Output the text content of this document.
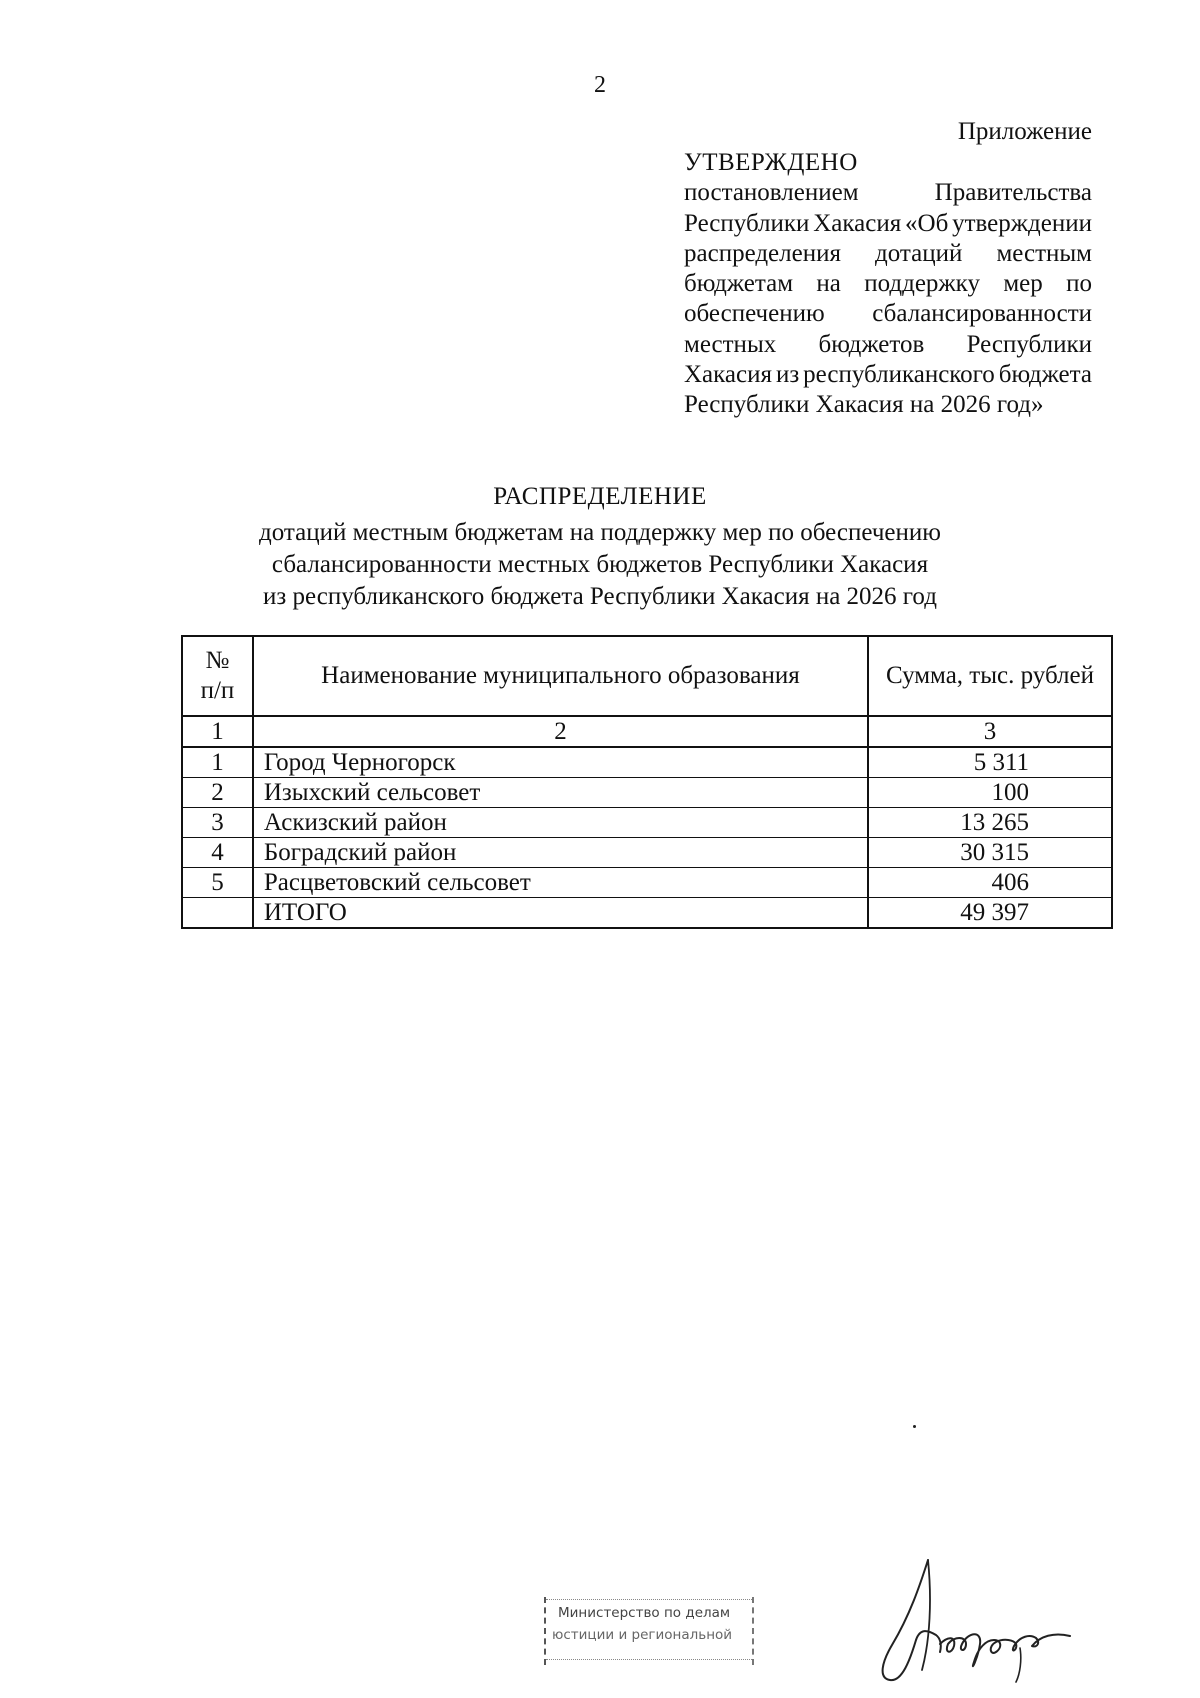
2
Приложение
УТВЕРЖДЕНО
постановлением	Правительства
Республики Хакасия «Об утверждении
распределения дотаций местным
бюджетам на поддержку мер по
обеспечению сбалансированности
местных бюджетов Республики
Хакасия из республиканского бюджета
Республики Хакасия на 2026 год»
РАСПРЕДЕЛЕНИЕ
дотаций местным бюджетам на поддержку мер по обеспечению
сбалансированности местных бюджетов Республики Хакасия
из республиканского бюджета Республики Хакасия на 2026 год
№
п/п	Наименование муниципального образования	Сумма, тыс. рублей
1	2	3
1	Город Черногорск	5 311
2	Изыхский сельсовет	100
3	Аскизский район	13 265
4	Боградский район	30 315
5	Расцветовский сельсовет	406
	ИТОГО	49 397
Министерство по делам
юстиции и региональной
